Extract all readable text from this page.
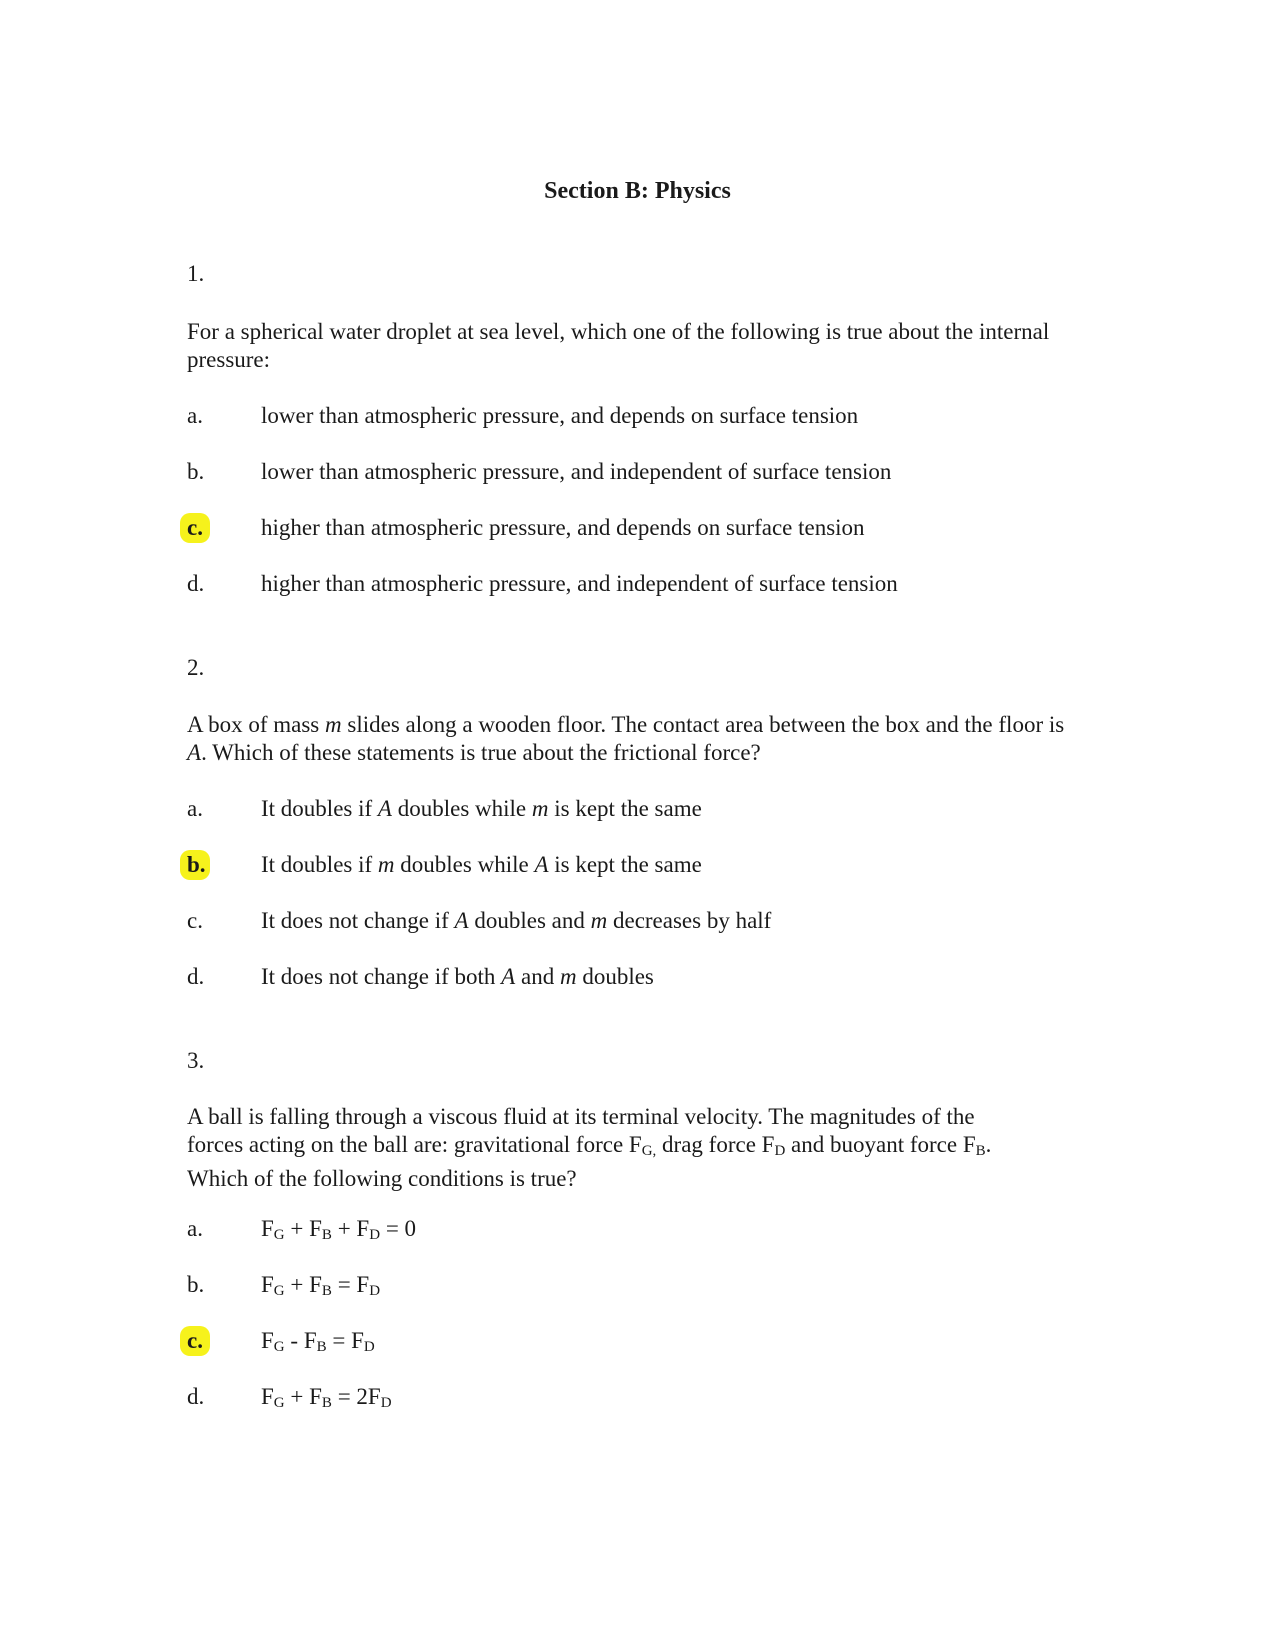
Section B: Physics
1.
For a spherical water droplet at sea level, which one of the following is true about the internal pressure:
a.	lower than atmospheric pressure, and depends on surface tension
b. lower than atmospheric pressure, and independent of surface tension
c.	higher than atmospheric pressure, and depends on surface tension
d. higher than atmospheric pressure, and independent of surface tension
2.
A box of mass m slides along a wooden floor. The contact area between the box and the floor is A. Which of these statements is true about the frictional force?
a.	It doubles if A doubles while m is kept the same
b. It doubles if m doubles while A is kept the same
c.	It does not change if A doubles and m decreases by half
d. It does not change if both A and m doubles
3.
A ball is falling through a viscous fluid at its terminal velocity. The magnitudes of the
forces acting on the ball are: gravitational force $F_{G,}$ drag force $F_D$ and buoyant force $F_B$.
Which of the following conditions is true?
a.	$F_G + F_B + F_D = 0$
b. $F_G + F_B = F_D$
c.	$F_G - F_B = F_D$
d. $F_G + F_B = 2F_D$
